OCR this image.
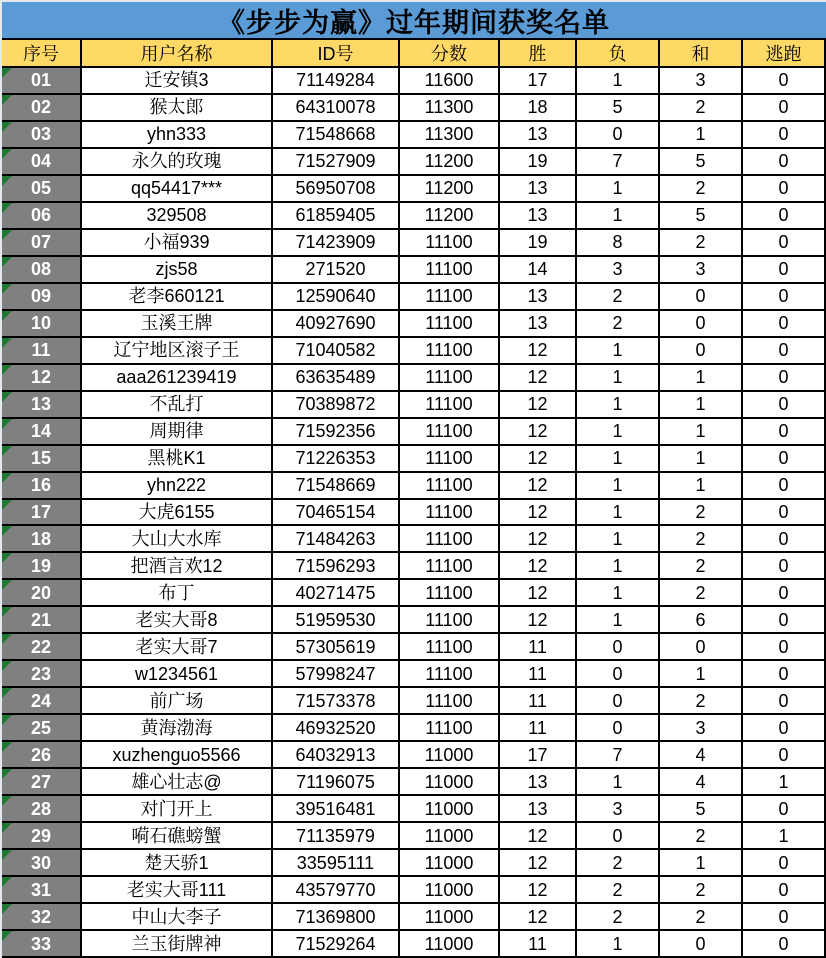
《步步为赢》过年期间获奖名单
序号	用户名称	ID号	分数	胜	负	和	逃跑
01	迁安镇3	71149284	11600	17	1	3	0
02	猴太郎	64310078	11300	18	5	2	0
03	yhn333	71548668	11300	13	0	1	0
04	永久的玫瑰	71527909	11200	19	7	5	0
05	qq54417***	56950708	11200	13	1	2	0
06	329508	61859405	11200	13	1	5	0
07	小福939	71423909	11100	19	8	2	0
08	zjs58	271520	11100	14	3	3	0
09	老李660121	12590640	11100	13	2	0	0
10	玉溪王牌	40927690	11100	13	2	0	0
11	辽宁地区滚子王	71040582	11100	12	1	0	0
12	aaa261239419	63635489	11100	12	1	1	0
13	不乱打	70389872	11100	12	1	1	0
14	周期律	71592356	11100	12	1	1	0
15	黑桃K1	71226353	11100	12	1	1	0
16	yhn222	71548669	11100	12	1	1	0
17	大虎6155	70465154	11100	12	1	2	0
18	大山大水库	71484263	11100	12	1	2	0
19	把酒言欢12	71596293	11100	12	1	2	0
20	布丁	40271475	11100	12	1	2	0
21	老实大哥8	51959530	11100	12	1	6	0
22	老实大哥7	57305619	11100	11	0	0	0
23	w1234561	57998247	11100	11	0	1	0
24	前广场	71573378	11100	11	0	2	0
25	黄海渤海	46932520	11100	11	0	3	0
26	xuzhenguo5566	64032913	11000	17	7	4	0
27	雄心壮志@	71196075	11000	13	1	4	1
28	对门开上	39516481	11000	13	3	5	0
29	嗬石礁螃蟹	71135979	11000	12	0	2	1
30	楚天骄1	33595111	11000	12	2	1	0
31	老实大哥111	43579770	11000	12	2	2	0
32	中山大李子	71369800	11000	12	2	2	0
33	兰玉街牌神	71529264	11000	11	1	0	0
